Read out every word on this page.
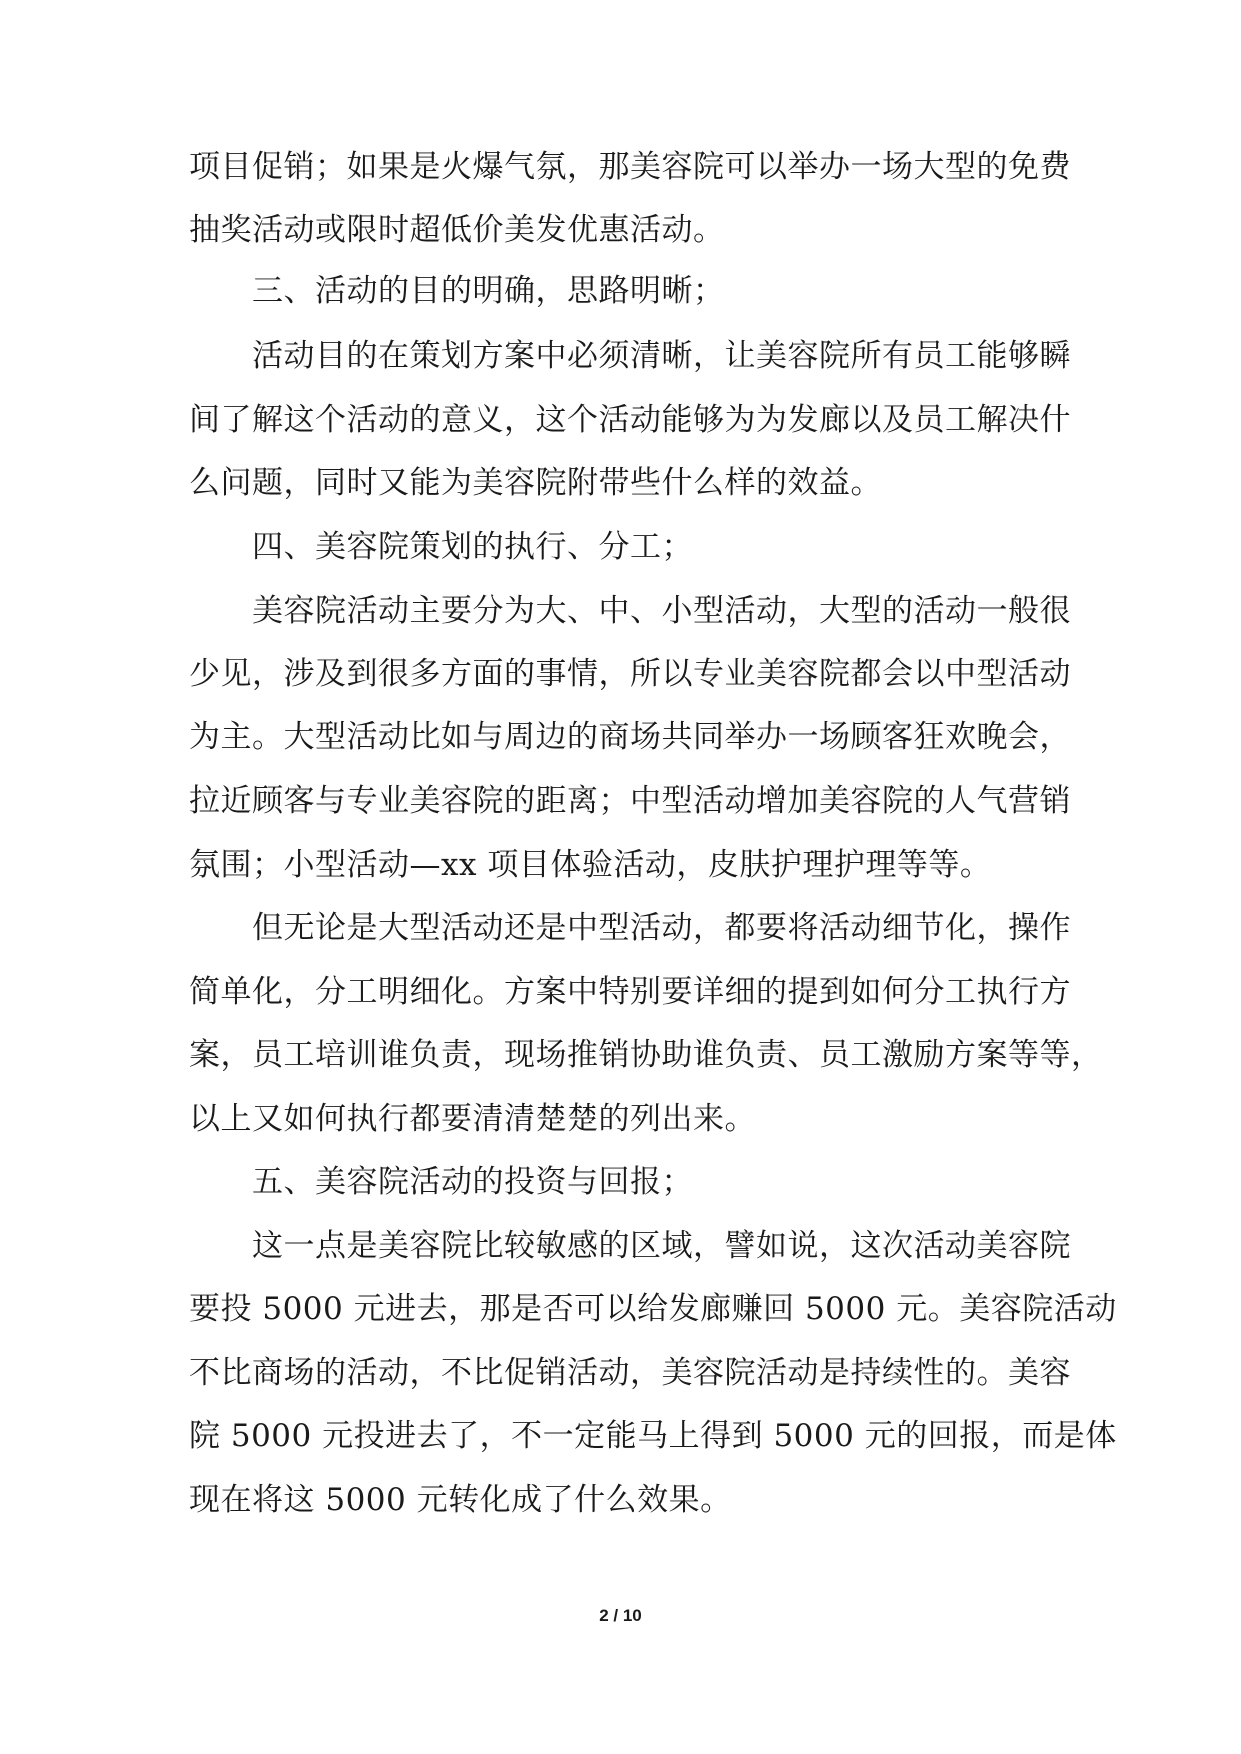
项目促销；如果是火爆气氛，那美容院可以举办一场大型的免费
抽奖活动或限时超低价美发优惠活动。
三、活动的目的明确，思路明晰；
活动目的在策划方案中必须清晰，让美容院所有员工能够瞬
间了解这个活动的意义，这个活动能够为为发廊以及员工解决什
么问题，同时又能为美容院附带些什么样的效益。
四、美容院策划的执行、分工；
美容院活动主要分为大、中、小型活动，大型的活动一般很
少见，涉及到很多方面的事情，所以专业美容院都会以中型活动
为主。大型活动比如与周边的商场共同举办一场顾客狂欢晚会，
拉近顾客与专业美容院的距离；中型活动增加美容院的人气营销
氛围；小型活动—xx 项目体验活动，皮肤护理护理等等。
但无论是大型活动还是中型活动，都要将活动细节化，操作
简单化，分工明细化。方案中特别要详细的提到如何分工执行方
案，员工培训谁负责，现场推销协助谁负责、员工激励方案等等，
以上又如何执行都要清清楚楚的列出来。
五、美容院活动的投资与回报；
这一点是美容院比较敏感的区域，譬如说，这次活动美容院
要投 5000 元进去，那是否可以给发廊赚回 5000 元。美容院活动
不比商场的活动，不比促销活动，美容院活动是持续性的。美容
院 5000 元投进去了，不一定能马上得到 5000 元的回报，而是体
现在将这 5000 元转化成了什么效果。
2 / 10
